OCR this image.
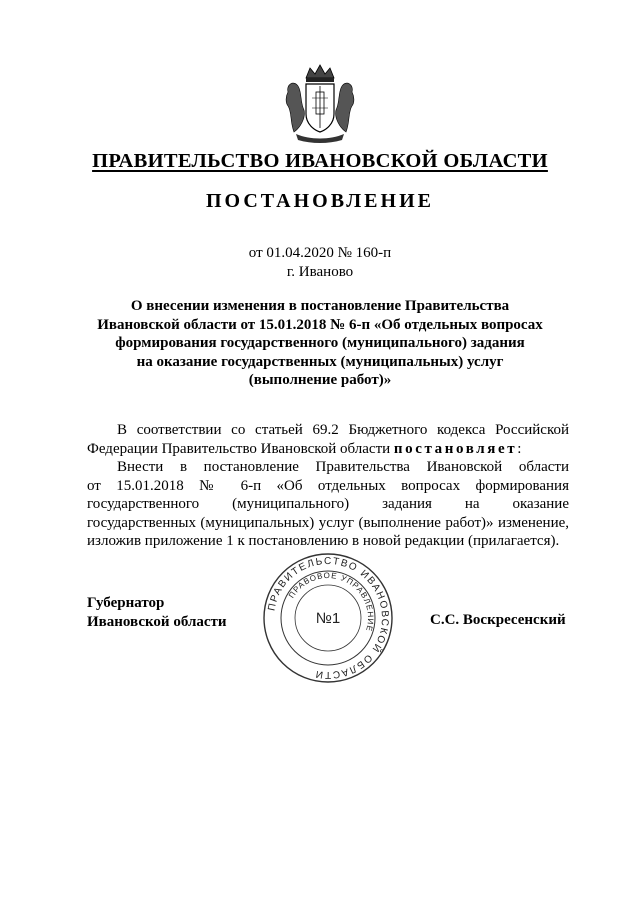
ПРАВИТЕЛЬСТВО ИВАНОВСКОЙ ОБЛАСТИ
ПОСТАНОВЛЕНИЕ
от 01.04.2020 № 160-п
г. Иваново
О внесении изменения в постановление Правительства
Ивановской области от 15.01.2018 № 6-п «Об отдельных вопросах
формирования государственного (муниципального) задания
на оказание государственных (муниципальных) услуг
(выполнение работ)»
В соответствии со статьей 69.2 Бюджетного кодекса Российской
Федерации Правительство Ивановской области постановляет:
Внести в постановление Правительства Ивановской области
от 15.01.2018 № 6-п «Об отдельных вопросах формирования
государственного (муниципального) задания на оказание
государственных (муниципальных) услуг (выполнение работ)» изменение,
изложив приложение 1 к постановлению в новой редакции (прилагается).
Губернатор
Ивановской области	С.С. Воскресенский
ПРАВИТЕЛЬСТВО ИВАНОВСКОЙ ОБЛАСТИ
ПРАВОВОЕ УПРАВЛЕНИЕ
№1
